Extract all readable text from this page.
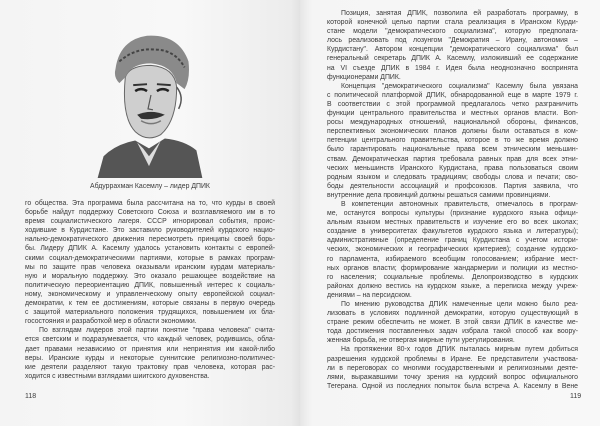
Абдуррахман Касемлу – лидер ДПИК
го общества. Эта программа была рассчитана на то, что курды в своей
борьбе найдут поддержку Советского Союза и возглавляемого им в то
время социалистического лагеря. СССР игнорировал события, проис-
ходившие в Курдистане. Это заставило руководителей курдского нацио-
нально-демократического движения пересмотреть принципы своей борь-
бы. Лидеру ДПИК А. Касемлу удалось установить контакты с европей-
скими социал-демократическими партиями, которые в рамках програм-
мы по защите прав человека оказывали иранским курдам материаль-
ную и моральную поддержку. Это оказало решающее воздействие на
политическую переориентацию ДПИК, повышенный интерес к социаль-
ному, экономическому и управленческому опыту европейской социал-
демократии, к тем ее достижениям, которые связаны в первую очередь
с защитой материального положения трудящихся, повышением их бла-
госостояния и разработкой мер в области экономики.
По взглядам лидеров этой партии понятие "права человека" счита-
ется светским и подразумевается, что каждый человек, родившись, обла-
дает правами независимо от принятия или непринятия им какой-либо
веры. Иранские курды и некоторые суннитские религиозно-политичес-
кие деятели разделяют такую трактовку прав человека, которая рас-
ходится с известными взглядами шиитского духовенства.
118
Позиция, занятая ДПИК, позволила ей разработать программу, в
которой конечной целью партии стала реализация в Иранском Курди-
стане модели "демократического социализма", которую предполага-
лось реализовать под лозунгом "Демократия – Ирану, автономия –
Курдистану". Автором концепции "демократического социализма" был
генеральный секретарь ДПИК А. Касемлу, изложивший ее содержание
на VI съезде ДПИК в 1984 г. Идея была неоднозначно воспринята
функционерами ДПИК.
Концепция "демократического социализма" Касемлу была увязана
с политической платформой ДПИК, обнародованной еще в марте 1979 г.
В соответствии с этой программой предлагалось четко разграничить
функции центрального правительства и местных органов власти. Воп-
росы международных отношений, национальной обороны, финансов,
перспективных экономических планов должны были оставаться в ком-
петенции центрального правительства, которое в то же время должно
было гарантировать национальные права всем этническим меньшин-
ствам. Демократическая партия требовала равных прав для всех этни-
ческих меньшинств Иранского Курдистана, права пользоваться своим
родным языком и следовать традициям; свободы слова и печати; сво-
боды деятельности ассоциаций и профсоюзов. Партия заявила, что
внутренние дела провинций должны решаться самими провинциями.
В компетенции автономных правительств, отмечалось в програм-
ме, останутся вопросы культуры (признание курдского языка офици-
альным языком местных правительств и изучение его во всех школах;
создание в университетах факультетов курдского языка и литературы);
административные (определение границ Курдистана с учетом истори-
ческих, экономических и географических критериев); создание курдско-
го парламента, избираемого всеобщим голосованием; избрание мест-
ных органов власти; формирование жандармерии и полиции из местно-
го населения; социальные проблемы. Делопроизводство в курдских
районах должно вестись на курдском языке, а переписка между учреж-
дениями – на персидском.
По мнению руководства ДПИК намеченные цели можно было реа-
лизовать в условиях подлинной демократии, которую существующий в
стране режим обеспечить не может. В этой связи ДПИК в качестве ме-
тода достижения поставленных задач избрала такой способ как воору-
женная борьба, не отвергая мирные пути урегулирования.
На протяжении 80-х годов ДПИК пыталась мирным путем добиться
разрешения курдской проблемы в Иране. Ее представители участвова-
ли в переговорах со многими государственными и религиозными деяте-
лями, выражавшими точку зрения на курдский вопрос официального
Тегерана. Одной из последних попыток была встреча А. Касемлу в Вене
119
